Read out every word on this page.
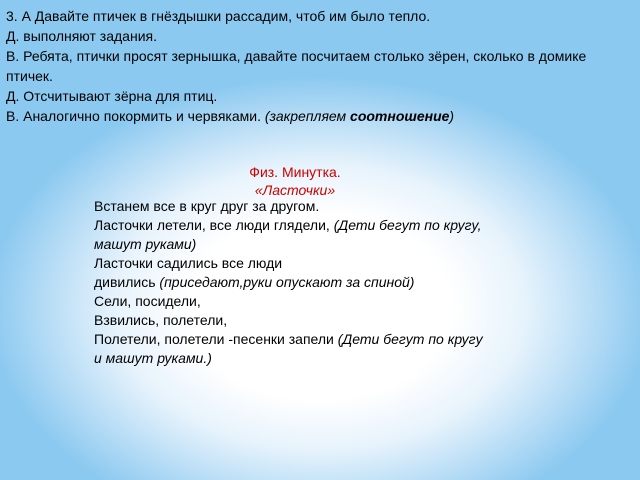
3. А Давайте птичек в гнёздышки рассадим, чтоб им было тепло.

Д. выполняют задания.

В. Ребята, птички просят зернышка, давайте посчитаем столько зёрен, сколько в домике птичек.

Д. Отсчитывают зёрна для птиц.

В. Аналогично покормить и червяками. (закрепляем соотношение)

Физ. Минутка.
«Ласточки»

Встанем все в круг друг за другом.

Ласточки летели, все люди глядели, (Дети бегут по кругу, машут руками)

Ласточки садились все люди

дивились (приседают,руки опускают за спиной)

Сели, посидели,

Взвились, полетели,

Полетели, полетели -песенки запели (Дети бегут по кругу и машут руками.)
